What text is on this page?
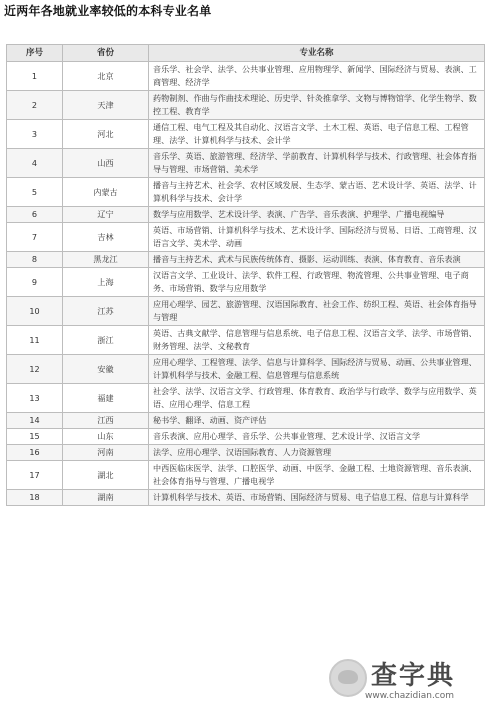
近两年各地就业率较低的本科专业名单
序号	省份	专业名称
1	北京	音乐学、社会学、法学、公共事业管理、应用物理学、新闻学、国际经济与贸易、表演、工商管理、经济学
2	天津	药物制剂、作曲与作曲技术理论、历史学、针灸推拿学、文物与博物馆学、化学生物学、数控工程、教育学
3	河北	通信工程、电气工程及其自动化、汉语言文学、土木工程、英语、电子信息工程、工程管理、法学、计算机科学与技术、会计学
4	山西	音乐学、英语、旅游管理、经济学、学前教育、计算机科学与技术、行政管理、社会体育指导与管理、市场营销、美术学
5	内蒙古	播音与主持艺术、社会学、农村区域发展、生态学、蒙古语、艺术设计学、英语、法学、计算机科学与技术、会计学
6	辽宁	数学与应用数学、艺术设计学、表演、广告学、音乐表演、护理学、广播电视编导
7	吉林	英语、市场营销、计算机科学与技术、艺术设计学、国际经济与贸易、日语、工商管理、汉语言文学、美术学、动画
8	黑龙江	播音与主持艺术、武术与民族传统体育、摄影、运动训练、表演、体育教育、音乐表演
9	上海	汉语言文学、工业设计、法学、软件工程、行政管理、物流管理、公共事业管理、电子商务、市场营销、数学与应用数学
10	江苏	应用心理学、园艺、旅游管理、汉语国际教育、社会工作、纺织工程、英语、社会体育指导与管理
11	浙江	英语、古典文献学、信息管理与信息系统、电子信息工程、汉语言文学、法学、市场营销、财务管理、法学、文秘教育
12	安徽	应用心理学、工程管理、法学、信息与计算科学、国际经济与贸易、动画、公共事业管理、计算机科学与技术、金融工程、信息管理与信息系统
13	福建	社会学、法学、汉语言文学、行政管理、体育教育、政治学与行政学、数学与应用数学、英语、应用心理学、信息工程
14	江西	秘书学、翻译、动画、资产评估
15	山东	音乐表演、应用心理学、音乐学、公共事业管理、艺术设计学、汉语言文学
16	河南	法学、应用心理学、汉语国际教育、人力资源管理
17	湖北	中西医临床医学、法学、口腔医学、动画、中医学、金融工程、土地资源管理、音乐表演、社会体育指导与管理、广播电视学
18	湖南	计算机科学与技术、英语、市场营销、国际经济与贸易、电子信息工程、信息与计算科学
查字典
www.chazidian.com
